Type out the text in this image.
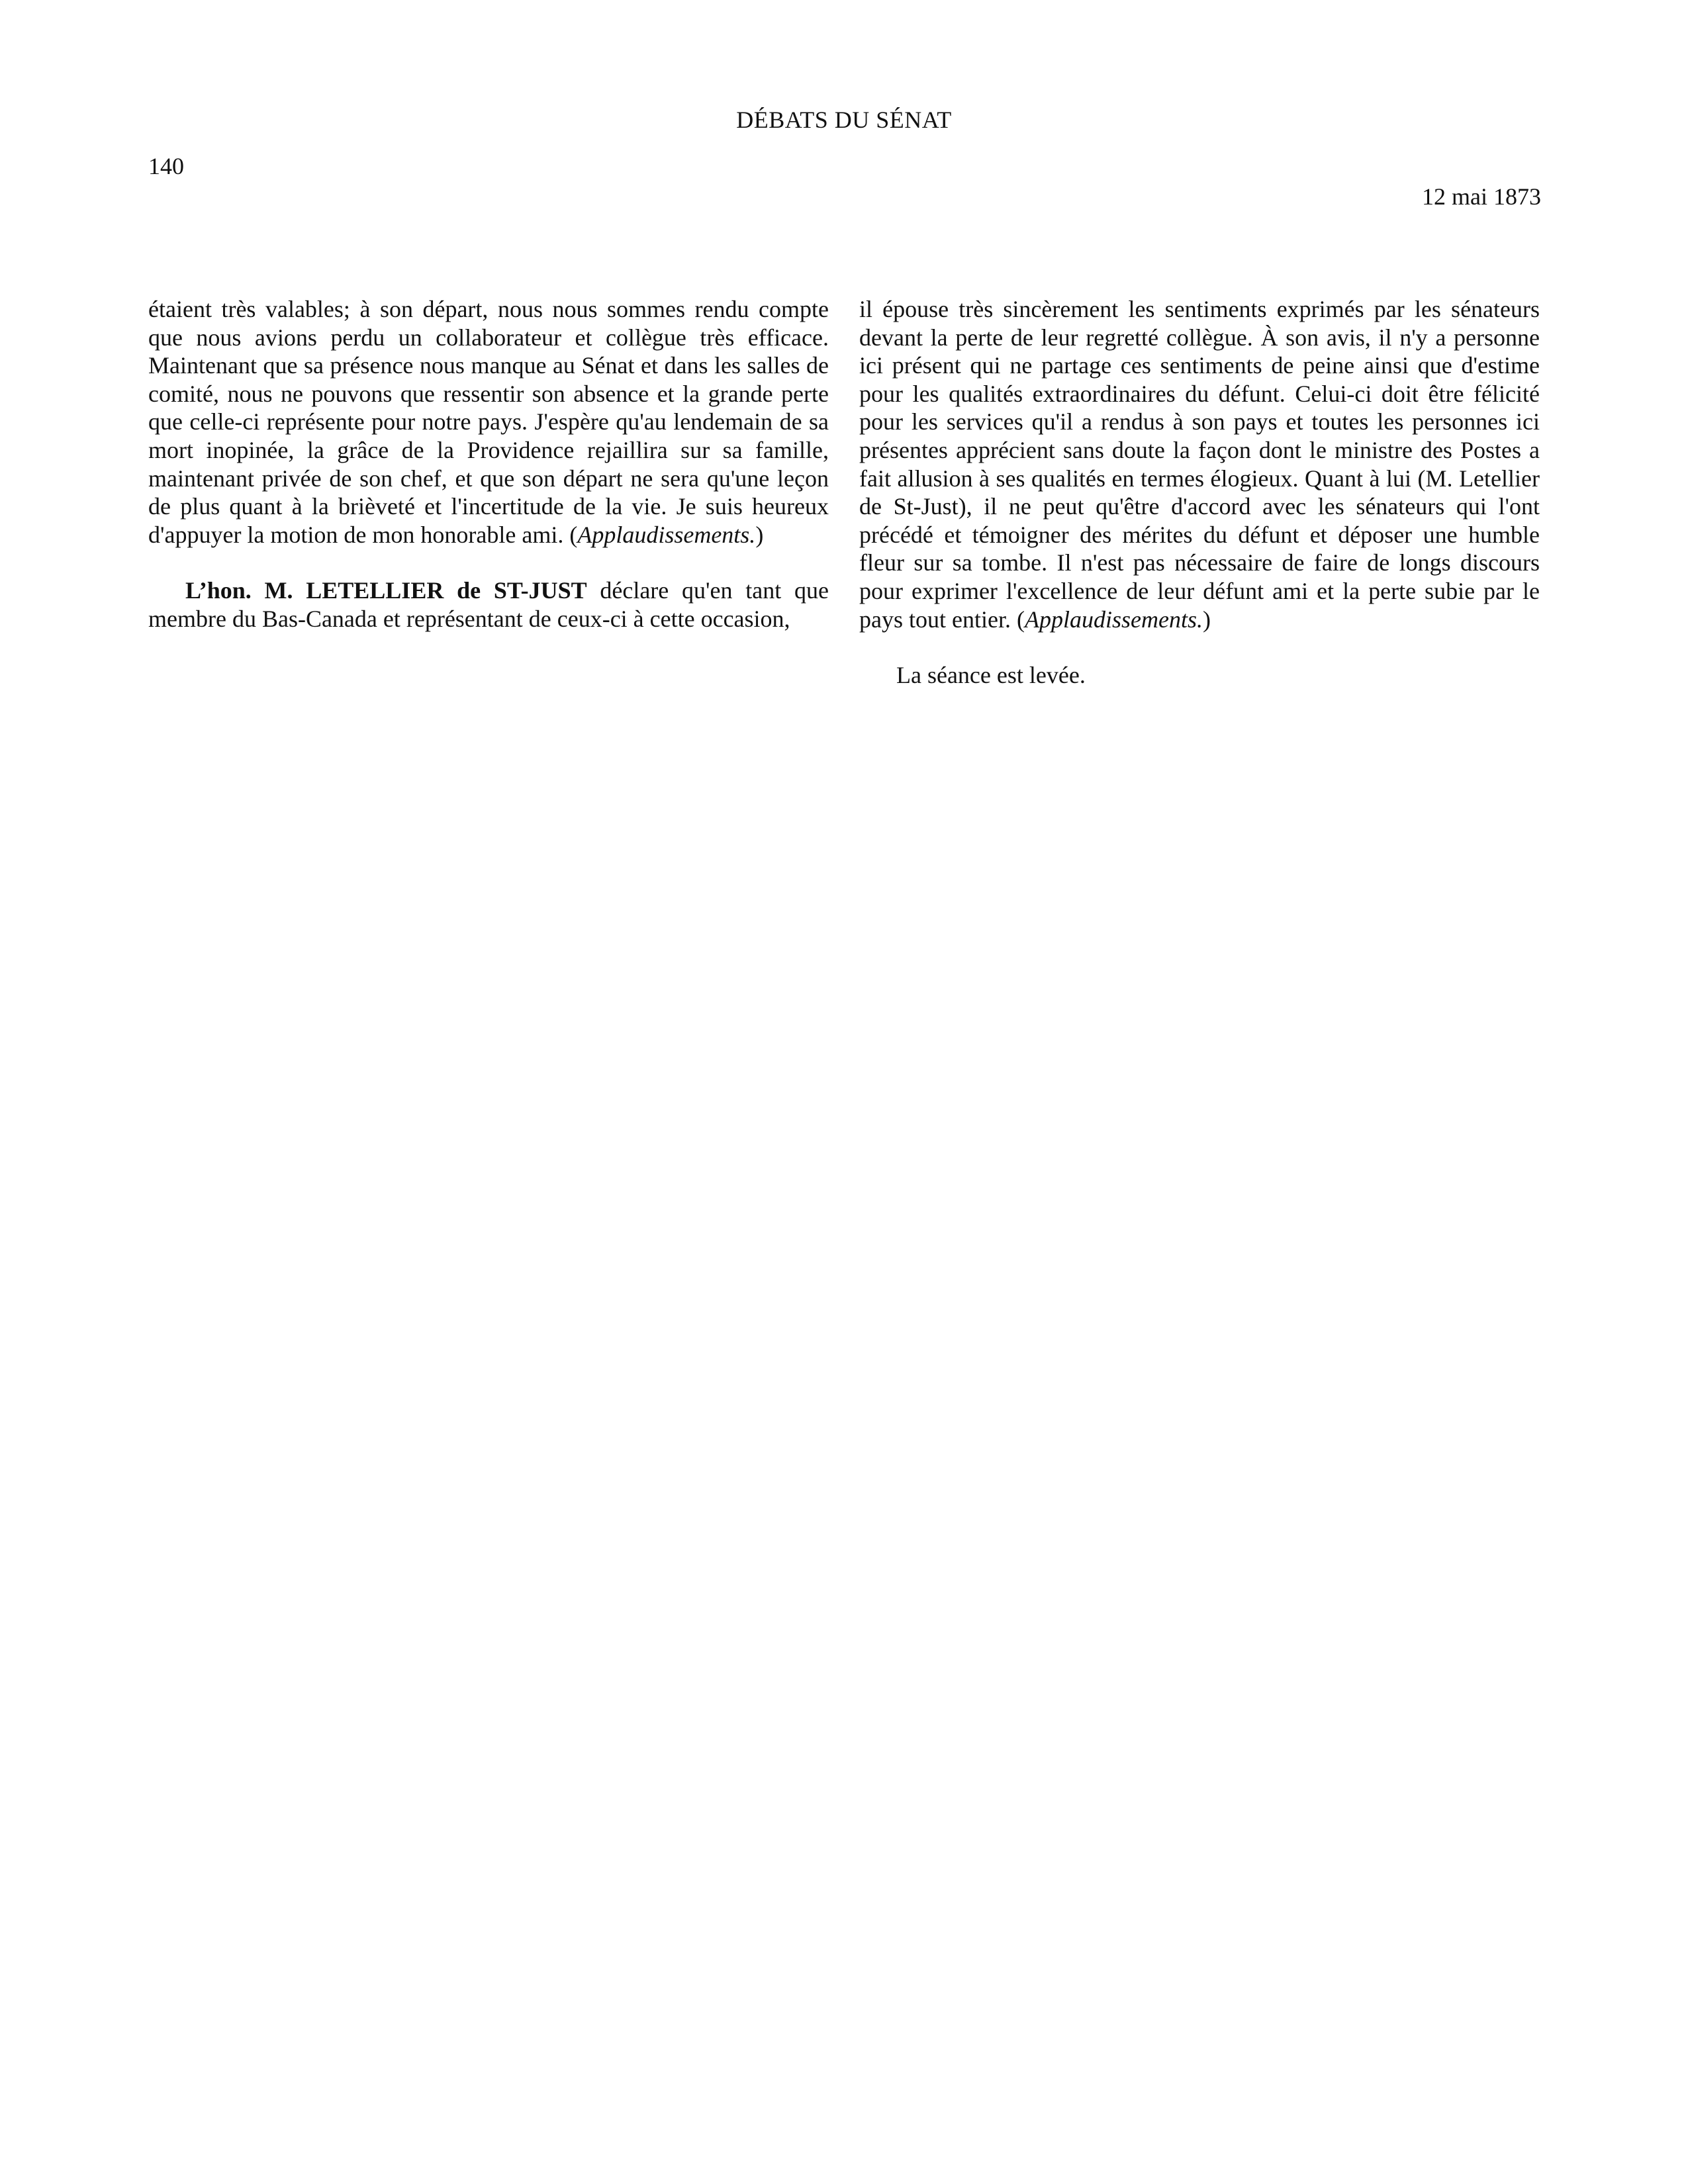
DÉBATS DU SÉNAT
140
12 mai 1873

étaient très valables; à son départ, nous nous sommes rendu compte que nous avions perdu un collaborateur et collègue très efficace. Maintenant que sa présence nous manque au Sénat et dans les salles de comité, nous ne pouvons que ressentir son absence et la grande perte que celle-ci représente pour notre pays. J'espère qu'au lendemain de sa mort inopinée, la grâce de la Providence rejaillira sur sa famille, maintenant privée de son chef, et que son départ ne sera qu'une leçon de plus quant à la brièveté et l'incertitude de la vie. Je suis heureux d'appuyer la motion de mon honorable ami. (Applaudissements.)

L’hon. M. LETELLIER de ST-JUST déclare qu'en tant que membre du Bas-Canada et représentant de ceux-ci à cette occasion,

il épouse très sincèrement les sentiments exprimés par les sénateurs devant la perte de leur regretté collègue. À son avis, il n'y a personne ici présent qui ne partage ces sentiments de peine ainsi que d'estime pour les qualités extraordinaires du défunt. Celui-ci doit être félicité pour les services qu'il a rendus à son pays et toutes les personnes ici présentes apprécient sans doute la façon dont le ministre des Postes a fait allusion à ses qualités en termes élogieux. Quant à lui (M. Letellier de St-Just), il ne peut qu'être d'accord avec les sénateurs qui l'ont précédé et témoigner des mérites du défunt et déposer une humble fleur sur sa tombe. Il n'est pas nécessaire de faire de longs discours pour exprimer l'excellence de leur défunt ami et la perte subie par le pays tout entier. (Applaudissements.)

La séance est levée.
